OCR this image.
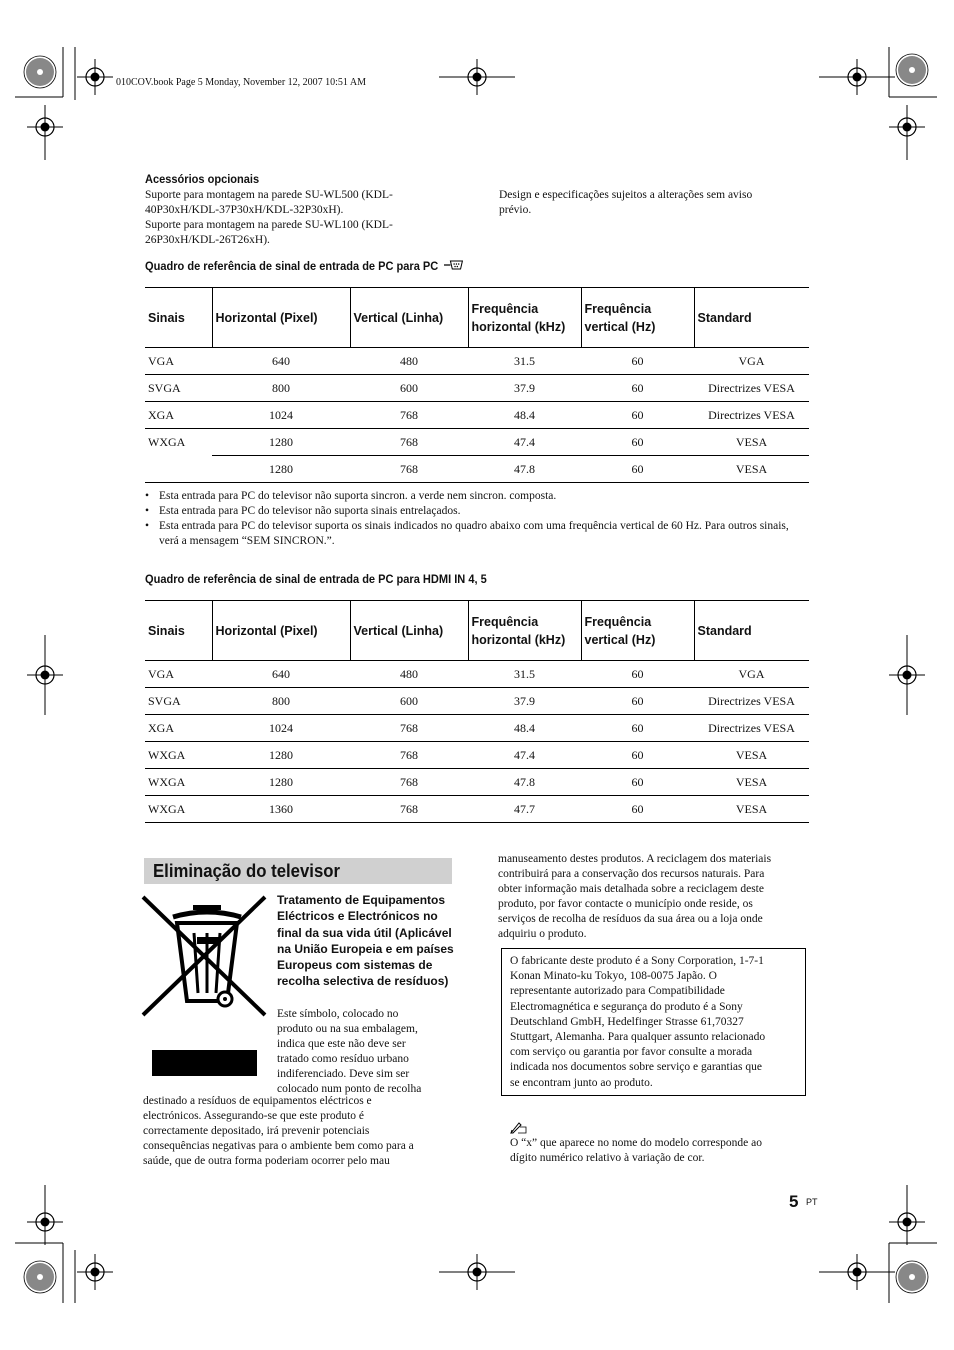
010COV.book Page 5 Monday, November 12, 2007 10:51 AM
Acessórios opcionais

Suporte para montagem na parede SU-WL500 (KDL-

40P30xH/KDL-37P30xH/KDL-32P30xH).

Suporte para montagem na parede SU-WL100 (KDL-

26P30xH/KDL-26T26xH).

Design e especificações sujeitos a alterações sem aviso

prévio.

Quadro de referência de sinal de entrada de PC para PC
Sinais	Horizontal (Pixel)	Vertical (Linha)	Frequência horizontal (kHz)	Frequência vertical (Hz)	Standard
VGA	640	480	31.5	60	VGA
SVGA	800	600	37.9	60	Directrizes VESA
XGA	1024	768	48.4	60	Directrizes VESA
WXGA	1280	768	47.4	60	VESA
	1280	768	47.8	60	VESA
• Esta entrada para PC do televisor não suporta sincron. a verde nem sincron. composta.
• Esta entrada para PC do televisor não suporta sinais entrelaçados.
• Esta entrada para PC do televisor suporta os sinais indicados no quadro abaixo com uma frequência vertical de 60 Hz. Para outros sinais, verá a mensagem “SEM SINCRON.”.
Quadro de referência de sinal de entrada de PC para HDMI IN 4, 5
Sinais	Horizontal (Pixel)	Vertical (Linha)	Frequência horizontal (kHz)	Frequência vertical (Hz)	Standard
VGA	640	480	31.5	60	VGA
SVGA	800	600	37.9	60	Directrizes VESA
XGA	1024	768	48.4	60	Directrizes VESA
WXGA	1280	768	47.4	60	VESA
WXGA	1280	768	47.8	60	VESA
WXGA	1360	768	47.7	60	VESA
Eliminação do televisor
Tratamento de Equipamentos Eléctricos e Electrónicos no final da sua vida útil (Aplicável na União Europeia e em países Europeus com sistemas de recolha selectiva de resíduos)

Este símbolo, colocado no

produto ou na sua embalagem,

indica que este não deve ser

tratado como resíduo urbano

indiferenciado. Deve sim ser

colocado num ponto de recolha

destinado a resíduos de equipamentos eléctricos e

electrónicos. Assegurando-se que este produto é

correctamente depositado, irá prevenir potenciais

consequências negativas para o ambiente bem como para a

saúde, que de outra forma poderiam ocorrer pelo mau

manuseamento destes produtos. A reciclagem dos materiais

contribuirá para a conservação dos recursos naturais. Para

obter informação mais detalhada sobre a reciclagem deste

produto, por favor contacte o município onde reside, os

serviços de recolha de resíduos da sua área ou a loja onde

adquiriu o produto.

O fabricante deste produto é a Sony Corporation, 1-7-1
Konan Minato-ku Tokyo, 108-0075 Japão. O
representante autorizado para Compatibilidade
Electromagnética e segurança do produto é a Sony
Deutschland GmbH, Hedelfinger Strasse 61,70327
Stuttgart, Alemanha. Para qualquer assunto relacionado
com serviço ou garantia por favor consulte a morada
indicada nos documentos sobre serviço e garantias que
se encontram junto ao produto.

O “x” que aparece no nome do modelo corresponde ao

dígito numérico relativo à variação de cor.

5 PT
